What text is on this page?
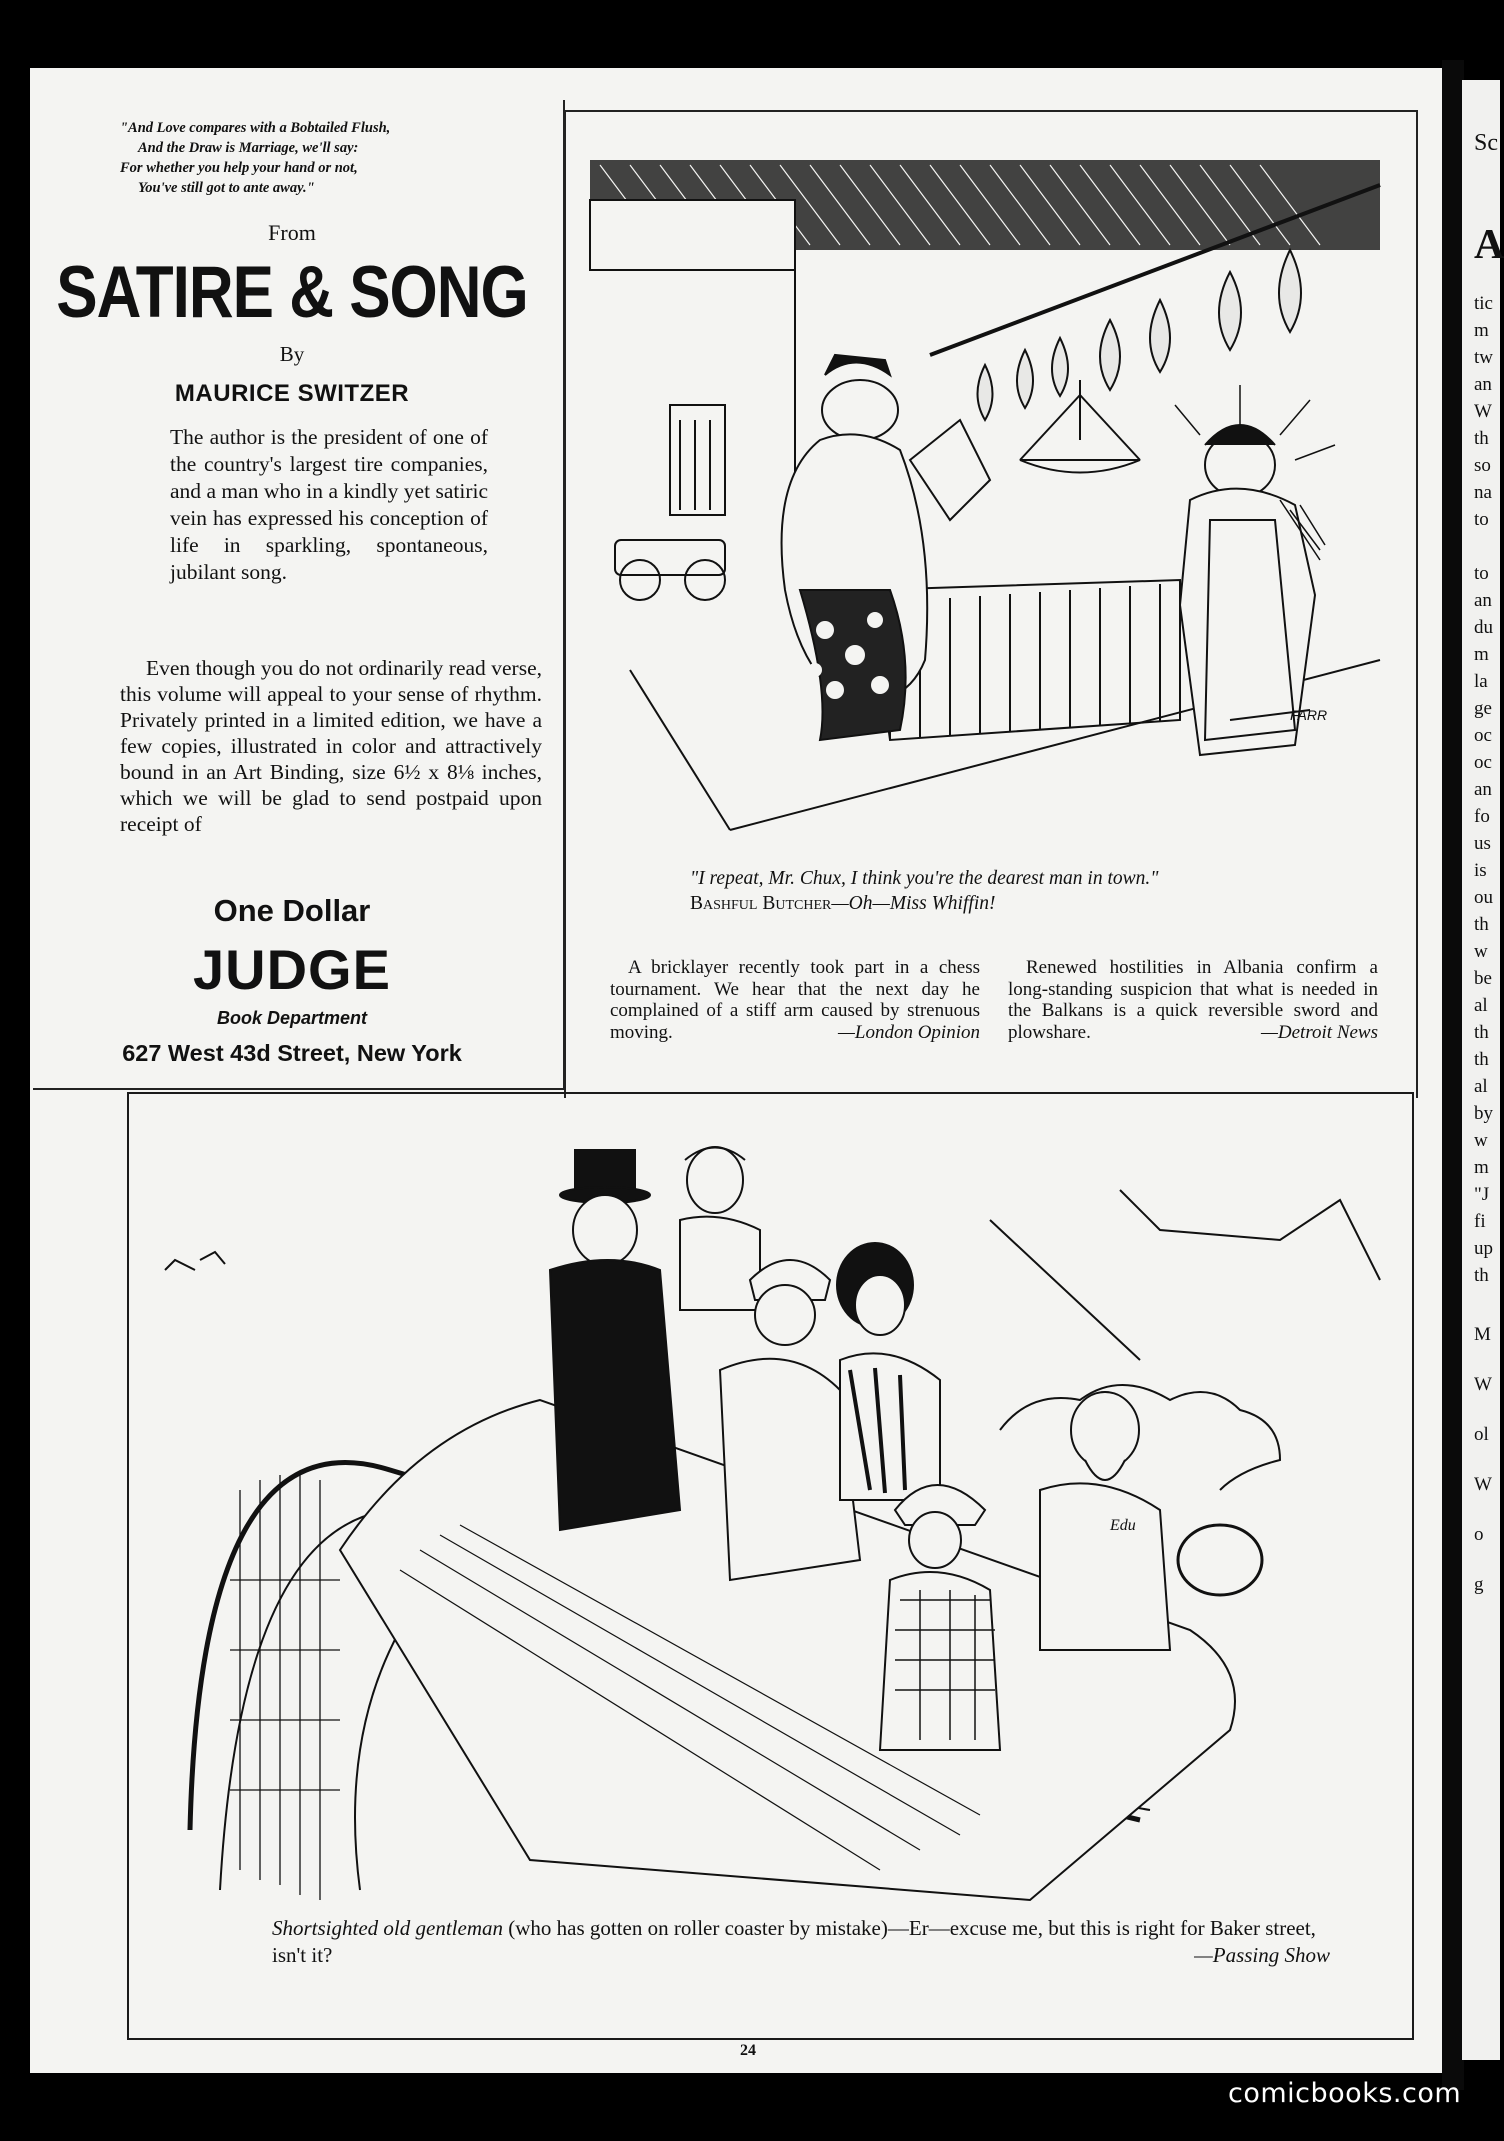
"And Love compares with a Bobtailed Flush,
And the Draw is Marriage, we'll say:
For whether you help your hand or not,
You've still got to ante away."
From
SATIRE & SONG
By
MAURICE SWITZER
The author is the president of one of the country's largest tire companies, and a man who in a kindly yet satiric vein has expressed his conception of life in sparkling, spontaneous, jubilant song.
Even though you do not ordinarily read verse, this volume will appeal to your sense of rhythm. Privately printed in a limited edition, we have a few copies, illustrated in color and attractively bound in an Art Binding, size 6½ x 8⅛ inches, which we will be glad to send postpaid upon receipt of
One Dollar
JUDGE
Book Department
627 West 43d Street, New York
FARR
"I repeat, Mr. Chux, I think you're the dearest man in town."
Bashful Butcher—Oh—Miss Whiffin!
A bricklayer recently took part in a chess tournament. We hear that the next day he complained of a stiff arm caused by strenuous moving.	—London Opinion
Renewed hostilities in Albania confirm a long-standing suspicion that what is needed in the Balkans is a quick reversible sword and plowshare.	—Detroit News
Edu
Shortsighted old gentleman (who has gotten on roller coaster by mistake)—Er—excuse me, but this is right for Baker street, isn't it?	—Passing Show
24
comicbooks.com
Sc
A
tic
m
tw
an
W
th
so
na
to

to
an
du
m
la
ge
oc
oc
an
fo
us
is
ou
th
w
be
al
th
th
al
by
w
m
"J
fi
up
th
M
W
ol
W
o
g
